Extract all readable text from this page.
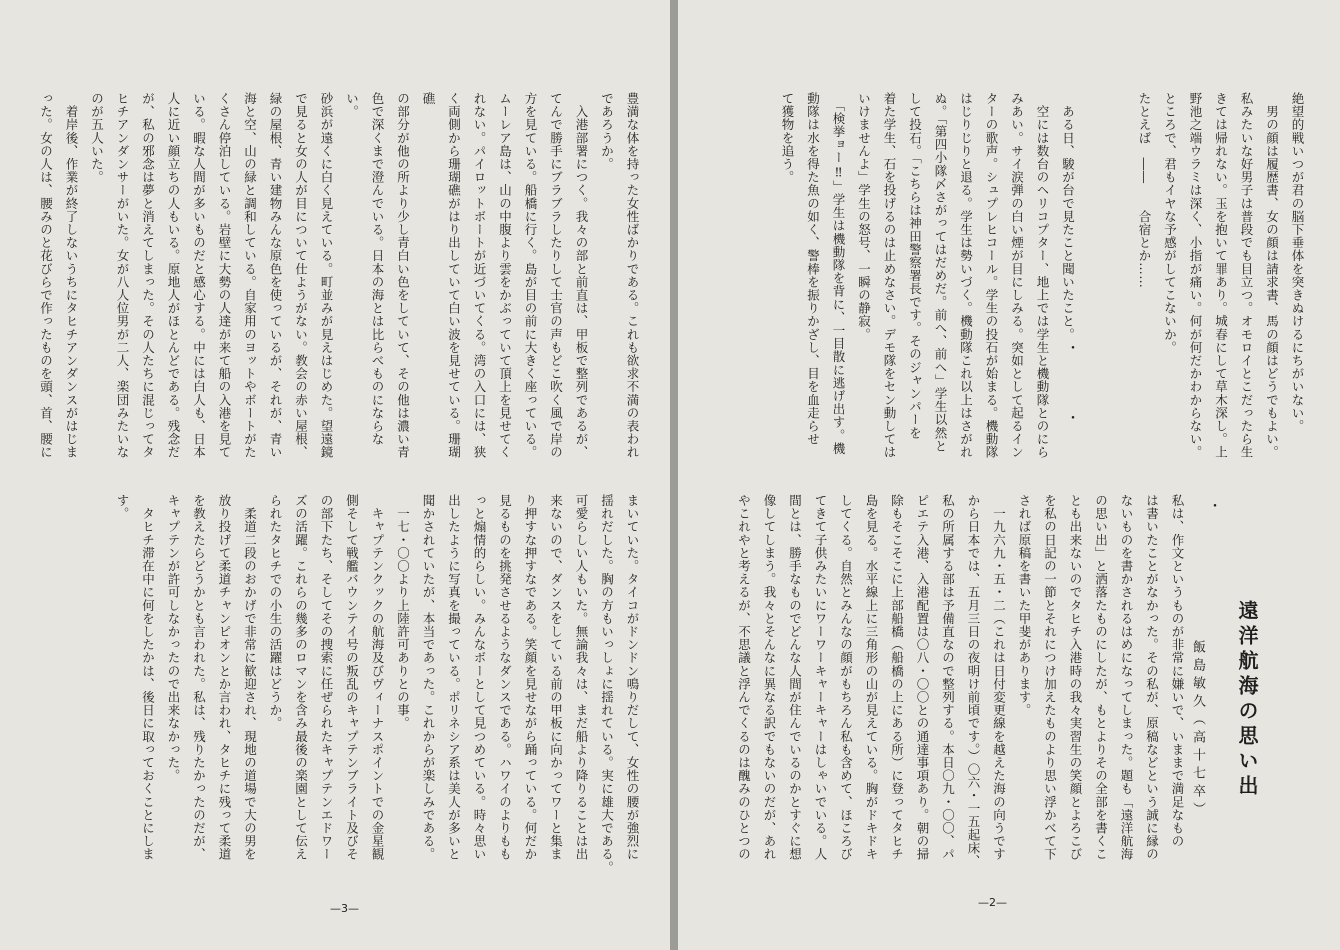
豊満な体を持った女性ばかりである。これも欲求不満の表われ
であろうか。
　入港部署につく。我々の部と前直は、甲板で整列であるが、
てんで勝手にブラブラしたりして士官の声もどこ吹く風で岸の
方を見ている。船橋に行く。島が目の前に大きく座っている。
ムーレア島は、山の中腹より雲をかぶっていて頂上を見せてく
れない。パイロットボートが近づいてくる。湾の入口には、狭
く両側から珊瑚礁がはり出していて白い波を見せている。珊瑚礁
の部分が他の所より少し青白い色をしていて、その他は濃い青
色で深くまで澄んでいる。日本の海とは比らべものにならない。
砂浜が遠くに白く見えている。町並みが見えはじめた。望遠鏡
で見ると女の人が目について仕ようがない。教会の赤い屋根、
緑の屋根、青い建物みんな原色を使っているが、それが、青い
海と空、山の緑と調和している。自家用のヨットやボートがた
くさん停泊している。岩壁に大勢の人達が来て船の入港を見て
いる。暇な人間が多いものだと感心する。中には白人も、日本
人に近い顔立ちの人もいる。原地人がほとんどである。残念だ
が、私の邪念は夢と消えてしまった。その人たちに混じってタ
ヒチアンダンサーがいた。女が八人位男が二人、楽団みたいな
のが五人いた。
　着岸後、作業が終了しないうちにタヒチアンダンスがはじま
った。女の人は、腰みのと花びらで作ったものを頭、首、腰に
まいていた。タイコがドンドン鳴りだして、女性の腰が強烈に
揺れだした。胸の方もいっしょに揺れている。実に雄大である。
可愛らしい人もいた。無論我々は、まだ船より降りることは出
来ないので、ダンスをしている前の甲板に向かってワーと集ま
り押すな押すなである。笑顔を見せながら踊っている。何だか
見るものを挑発させるようなダンスである。ハワイのよりもも
っと煽情的らしい。みんなボーとして見つめている。時々思い
出したように写真を撮っている。ポリネシア系は美人が多いと
聞かされていたが、本当であった。これからが楽しみである。
　一七・〇〇より上陸許可ありとの事。
　キャプテンクックの航海及びヴィーナスポイントでの金星観
側そして戦艦バウンテイ号の叛乱のキャプテンブライト及びそ
の部下たち、そしてその捜索に任ぜられたキャプテンエドワー
ズの活躍。これらの幾多のロマンを含み最後の楽園として伝え
られたタヒチでの小生の活躍はどうか。
　柔道二段のおかげで非常に歓迎され、現地の道場で大の男を
放り投げて柔道チャンピオンとか言われ、タヒチに残って柔道
を教えたらどうかとも言われた。私は、残りたかったのだが、
キャプテンが許可しなかったので出来なかった。
　タヒチ滞在中に何をしたかは、後日に取っておくことにしま
す。
—3—
絶望的戦いつが君の脳下垂体を突きぬけるにちがいない。
　男の顔は履歴書、女の顔は請求書、馬の顔はどうでもよい。
私みたいな好男子は普段でも目立つ。オモロイとこだったら生
きては帰れない。玉を抱いて罪あり。城春にして草木深し。上
野池之端ウラミは深く、小指が痛い。何が何だかわからない。
ところで、君もイヤな予感がしてこないか。
たとえば　――　　合宿とか……

　ある日、駿が台で見たこと聞いたこと。
　空には数台のヘリコプター、地上では学生と機動隊とのにら
みあい。サイ涙弾の白い煙が目にしみる。突如として起るイン
ターの歌声。シュプレヒコール。学生の投石が始まる。機動隊
はじりじりと退る。学生は勢いづく。機動隊これ以上はさがれ
ぬ。「第四小隊〆さがってはだめだ。前へ、前へ」学生以然と
して投石。「こちらは神田警察署長です。そのジャンパーを
着た学生、石を投げるのは止めなさい。デモ隊をセン動しては
いけませんよ」学生の怒号、一瞬の静寂。
　「検挙ョー‼」学生は機動隊を背に、一目散に逃げ出す。機
動隊は水を得た魚の如く、警棒を振りかざし、目を血走らせ
て獲物を追う。
・
・
私は、作文というものが非常に嫌いで、いままで満足なもの
は書いたことがなかった。その私が、原稿などという誠に縁の
ないものを書かされるはめになってしまった。題も「遠洋航海
の思い出」と洒落たものにしたが、もとよりその全部を書くこ
とも出来ないのでタヒチ入港時の我々実習生の笑顔とよろこび
を私の日記の一節とそれにつけ加えたものより思い浮かべて下
されば原稿を書いた甲斐があります。
　一九六九・五・二（これは日付変更線を越えた海の向うです
から日本では、五月三日の夜明け前頃です。）〇六・一五起床、
私の所属する部は予備直なので整列する。本日〇九・〇〇、パ
ピエテ入港、入港配置は〇八・〇〇との通達事項あり。朝の掃
除もそこそこに上部船橋（船橋の上にある所）に登ってタヒチ
島を見る。水平線上に三角形の山が見えている。胸がドキドキ
してくる。自然とみんなの顔がもちろん私も含めて、ほころび
てきて子供みたいにワーワーキャーキャーはしゃいでいる。人
間とは、勝手なものでどんな人間が住んでいるのかとすぐに想
像してしまう。我々とそんなに異なる訳でもないのだが、あれ
やこれやと考えるが、不思議と浮んでくるのは醜みのひとつの	・
遠洋航海の思い出
飯島敏久（高十七卒）
—2—
